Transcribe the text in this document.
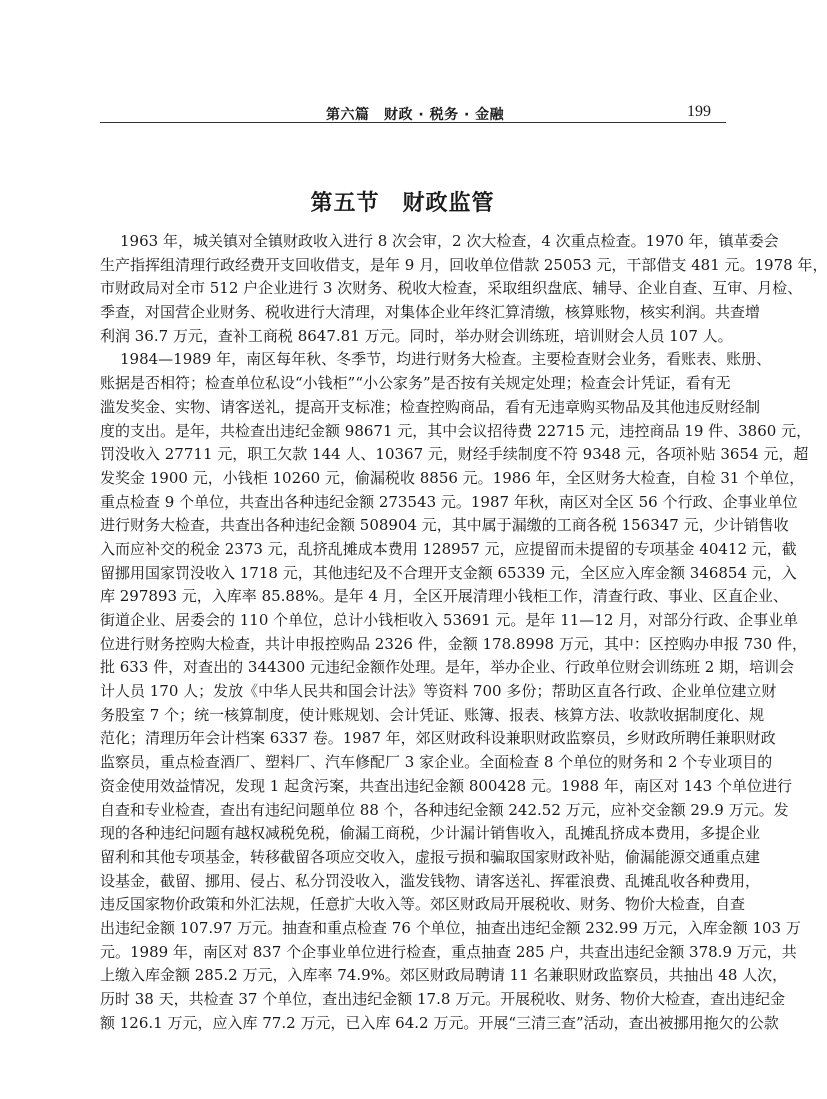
第六篇　财政 · 税务 · 金融	199
第五节　财政监管
1963 年，城关镇对全镇财政收入进行 8 次会审，2 次大检查，4 次重点检查。1970 年，镇革委会
生产指挥组清理行政经费开支回收借支，是年 9 月，回收单位借款 25053 元，干部借支 481 元。1978 年，
市财政局对全市 512 户企业进行 3 次财务、税收大检查，采取组织盘底、辅导、企业自查、互审、月检、
季查，对国营企业财务、税收进行大清理，对集体企业年终汇算清缴，核算账物，核实利润。共查增
利润 36.7 万元，查补工商税 8647.81 万元。同时，举办财会训练班，培训财会人员 107 人。
1984—1989 年，南区每年秋、冬季节，均进行财务大检查。主要检查财会业务，看账表、账册、
账据是否相符；检查单位私设“小钱柜”“小公家务”是否按有关规定处理；检查会计凭证，看有无
滥发奖金、实物、请客送礼，提高开支标准；检查控购商品，看有无违章购买物品及其他违反财经制
度的支出。是年，共检查出违纪金额 98671 元，其中会议招待费 22715 元，违控商品 19 件、3860 元，
罚没收入 27711 元，职工欠款 144 人、10367 元，财经手续制度不符 9348 元，各项补贴 3654 元，超
发奖金 1900 元，小钱柜 10260 元，偷漏税收 8856 元。1986 年，全区财务大检查，自检 31 个单位，
重点检查 9 个单位，共查出各种违纪金额 273543 元。1987 年秋，南区对全区 56 个行政、企事业单位
进行财务大检查，共查出各种违纪金额 508904 元，其中属于漏缴的工商各税 156347 元，少计销售收
入而应补交的税金 2373 元，乱挤乱摊成本费用 128957 元，应提留而未提留的专项基金 40412 元，截
留挪用国家罚没收入 1718 元，其他违纪及不合理开支金额 65339 元，全区应入库金额 346854 元，入
库 297893 元，入库率 85.88%。是年 4 月，全区开展清理小钱柜工作，清查行政、事业、区直企业、
街道企业、居委会的 110 个单位，总计小钱柜收入 53691 元。是年 11—12 月，对部分行政、企事业单
位进行财务控购大检查，共计申报控购品 2326 件，金额 178.8998 万元，其中：区控购办申报 730 件，
批 633 件，对查出的 344300 元违纪金额作处理。是年，举办企业、行政单位财会训练班 2 期，培训会
计人员 170 人；发放《中华人民共和国会计法》等资料 700 多份；帮助区直各行政、企业单位建立财
务股室 7 个；统一核算制度，使计账规划、会计凭证、账簿、报表、核算方法、收款收据制度化、规
范化；清理历年会计档案 6337 卷。1987 年，郊区财政科设兼职财政监察员，乡财政所聘任兼职财政
监察员，重点检查酒厂、塑料厂、汽车修配厂 3 家企业。全面检查 8 个单位的财务和 2 个专业项目的
资金使用效益情况，发现 1 起贪污案，共查出违纪金额 800428 元。1988 年，南区对 143 个单位进行
自查和专业检查，查出有违纪问题单位 88 个，各种违纪金额 242.52 万元，应补交金额 29.9 万元。发
现的各种违纪问题有越权减税免税，偷漏工商税，少计漏计销售收入，乱摊乱挤成本费用，多提企业
留利和其他专项基金，转移截留各项应交收入，虚报亏损和骗取国家财政补贴，偷漏能源交通重点建
设基金，截留、挪用、侵占、私分罚没收入，滥发钱物、请客送礼、挥霍浪费、乱摊乱收各种费用，
违反国家物价政策和外汇法规，任意扩大收入等。郊区财政局开展税收、财务、物价大检查，自查
出违纪金额 107.97 万元。抽查和重点检查 76 个单位，抽查出违纪金额 232.99 万元，入库金额 103 万
元。1989 年，南区对 837 个企事业单位进行检查，重点抽查 285 户，共查出违纪金额 378.9 万元，共
上缴入库金额 285.2 万元，入库率 74.9%。郊区财政局聘请 11 名兼职财政监察员，共抽出 48 人次，
历时 38 天，共检查 37 个单位，查出违纪金额 17.8 万元。开展税收、财务、物价大检查，查出违纪金
额 126.1 万元，应入库 77.2 万元，已入库 64.2 万元。开展“三清三查”活动，查出被挪用拖欠的公款
